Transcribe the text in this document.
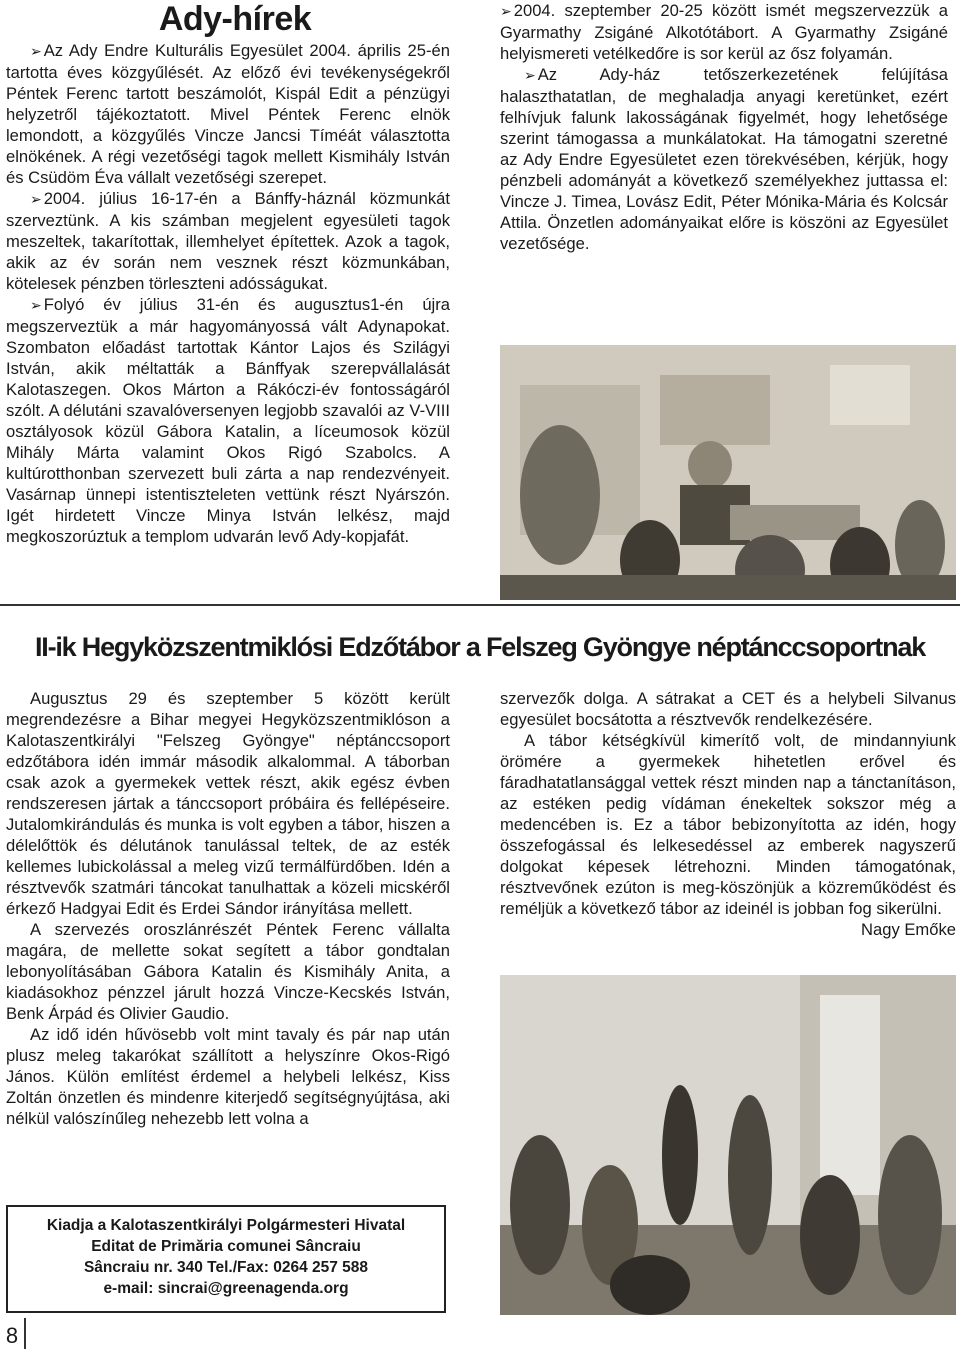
Ady-hírek

➢ Az Ady Endre Kulturális Egyesület 2004. április 25-én tartotta éves közgyűlését. Az előző évi tevékenységekről Péntek Ferenc tartott beszámolót, Kispál Edit a pénzügyi helyzetről tájékoztatott. Mivel Péntek Ferenc elnök lemondott, a közgyűlés Vincze Jancsi Tíméát választotta elnökének. A régi vezetőségi tagok mellett Kismihály István és Csüdöm Éva vállalt vezetőségi szerepet.

➢ 2004. július 16-17-én a Bánffy-háznál közmunkát szerveztünk. A kis számban megjelent egyesületi tagok meszeltek, takarítottak, illemhelyet építettek. Azok a tagok, akik az év során nem vesznek részt közmunkában, kötelesek pénzben törleszteni adósságukat.

➢ Folyó év július 31-én és augusztus1-én újra megszerveztük a már hagyományossá vált Adynapokat. Szombaton előadást tartottak Kántor Lajos és Szilágyi István, akik méltatták a Bánffyak szerepvállalását Kalotaszegen. Okos Márton a Rákóczi-év fontosságáról szólt. A délutáni szavalóversenyen legjobb szavalói az V-VIII osztályosok közül Gábora Katalin, a líceumosok közül Mihály Márta valamint Okos Rigó Szabolcs. A kultúrotthonban szervezett buli zárta a nap rendezvényeit. Vasárnap ünnepi istentiszteleten vettünk részt Nyárszón. Igét hirdetett Vincze Minya István lelkész, majd megkoszorúztuk a templom udvarán levő Ady-kopjafát.

➢ 2004. szeptember 20-25 között ismét megszervezzük a Gyarmathy Zsigáné Alkotótábort. A Gyarmathy Zsigáné helyismereti vetélkedőre is sor kerül az ősz folyamán.

➢ Az Ady-ház tetőszerkezetének felújítása halaszthatatlan, de meghaladja anyagi keretünket, ezért felhívjuk falunk lakosságának figyelmét, hogy lehetősége szerint támogassa a munkálatokat. Ha támogatni szeretné az Ady Endre Egyesületet ezen törekvésében, kérjük, hogy pénzbeli adományát a következő személyekhez juttassa el: Vincze J. Timea, Lovász Edit, Péter Mónika-Mária és Kolcsár Attila. Önzetlen adományaikat előre is köszöni az Egyesület vezetősége.

II-ik Hegyközszentmiklósi Edzőtábor a Felszeg Gyöngye néptánccsoportnak

Augusztus 29 és szeptember 5 között került megrendezésre a Bihar megyei Hegyközszentmiklóson a Kalotaszentkirályi "Felszeg Gyöngye" néptánccsoport edzőtábora idén immár második alkalommal. A táborban csak azok a gyermekek vettek részt, akik egész évben rendszeresen jártak a tánccsoport próbáira és fellépéseire. Jutalomkirándulás és munka is volt egyben a tábor, hiszen a délelőttök és délutánok tanulással teltek, de az esték kellemes lubickolással a meleg vizű termálfürdőben. Idén a résztvevők szatmári táncokat tanulhattak a közeli micskéről érkező Hadgyai Edit és Erdei Sándor irányítása mellett.

A szervezés oroszlánrészét Péntek Ferenc vállalta magára, de mellette sokat segített a tábor gondtalan lebonyolításában Gábora Katalin és Kismihály Anita, a kiadásokhoz pénzzel járult hozzá Vincze-Kecskés István, Benk Árpád és Olivier Gaudio.

Az idő idén hűvösebb volt mint tavaly és pár nap után plusz meleg takarókat szállított a helyszínre Okos-Rigó János. Külön említést érdemel a helybeli lelkész, Kiss Zoltán önzetlen és mindenre kiterjedő segítségnyújtása, aki nélkül valószínűleg nehezebb lett volna a

szervezők dolga. A sátrakat a CET és a helybeli Silvanus egyesület bocsátotta a résztvevők rendelkezésére.

A tábor kétségkívül kimerítő volt, de mindannyiunk örömére a gyermekek hihetetlen erővel és fáradhatatlansággal vettek részt minden nap a tánctanításon, az estéken pedig vídáman énekeltek sokszor még a medencében is. Ez a tábor bebizonyította az idén, hogy összefogással és lelkesedéssel az emberek nagyszerű dolgokat képesek létrehozni. Minden támogatónak, résztvevőnek ezúton is meg-köszönjük a közreműködést és reméljük a következő tábor az ideinél is jobban fog sikerülni.

Nagy Emőke

Kiadja a Kalotaszentkirályi Polgármesteri Hivatal
Editat de Primăria comunei Sâncraiu
Sâncraiu nr. 340 Tel./Fax: 0264 257 588
e-mail: sincrai@greenagenda.org
8
